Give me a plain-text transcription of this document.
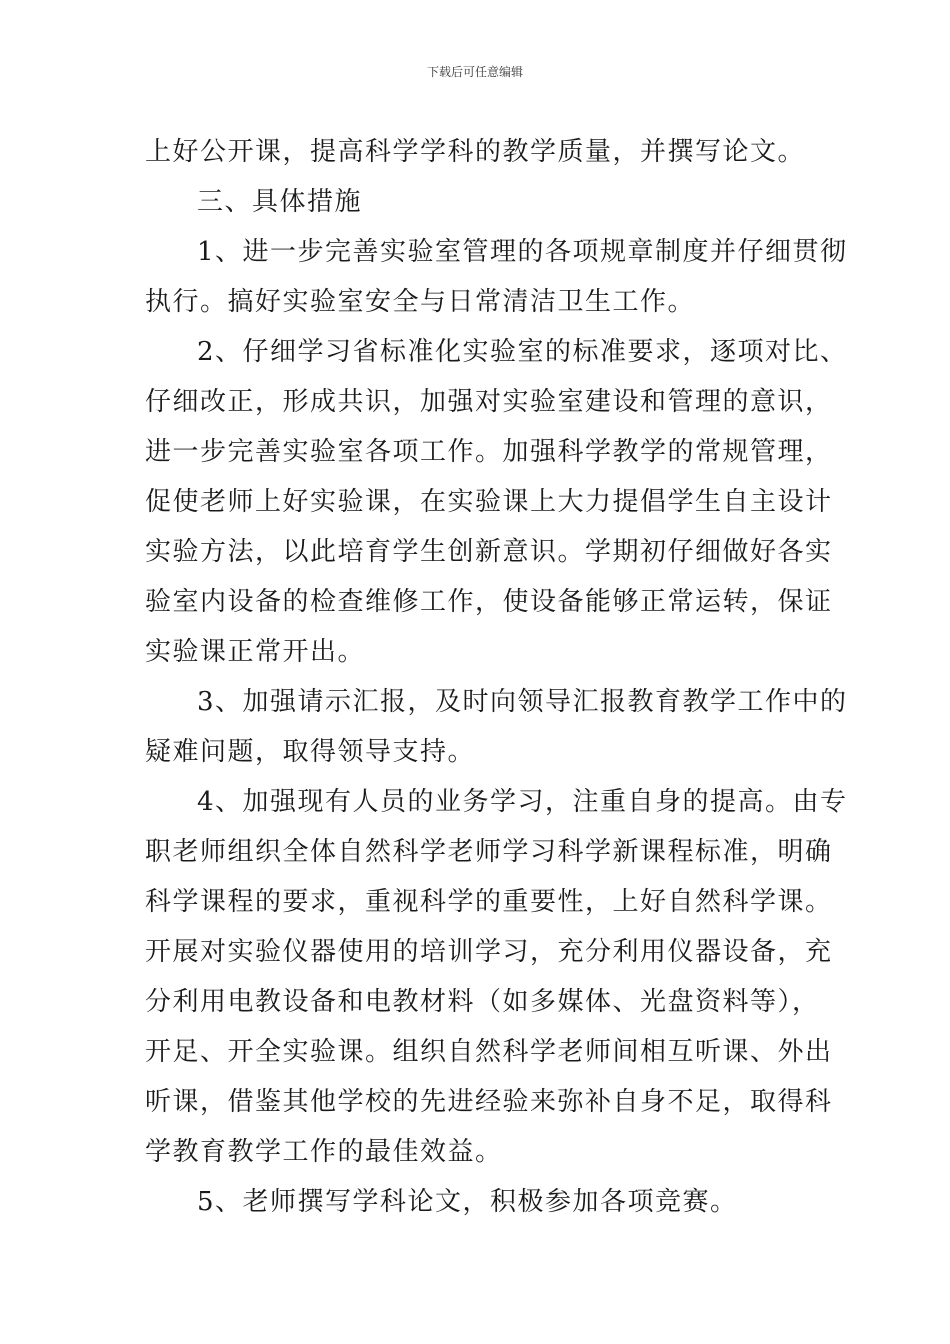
下载后可任意编辑
上好公开课，提高科学学科的教学质量，并撰写论文。
三、具体措施
1、进一步完善实验室管理的各项规章制度并仔细贯彻
执行。搞好实验室安全与日常清洁卫生工作。
2、仔细学习省标准化实验室的标准要求，逐项对比、
仔细改正，形成共识，加强对实验室建设和管理的意识，
进一步完善实验室各项工作。加强科学教学的常规管理，
促使老师上好实验课，在实验课上大力提倡学生自主设计
实验方法，以此培育学生创新意识。学期初仔细做好各实
验室内设备的检查维修工作，使设备能够正常运转，保证
实验课正常开出。
3、加强请示汇报，及时向领导汇报教育教学工作中的
疑难问题，取得领导支持。
4、加强现有人员的业务学习，注重自身的提高。由专
职老师组织全体自然科学老师学习科学新课程标准，明确
科学课程的要求，重视科学的重要性，上好自然科学课。
开展对实验仪器使用的培训学习，充分利用仪器设备，充
分利用电教设备和电教材料（如多媒体、光盘资料等），
开足、开全实验课。组织自然科学老师间相互听课、外出
听课，借鉴其他学校的先进经验来弥补自身不足，取得科
学教育教学工作的最佳效益。
5、老师撰写学科论文，积极参加各项竞赛。
